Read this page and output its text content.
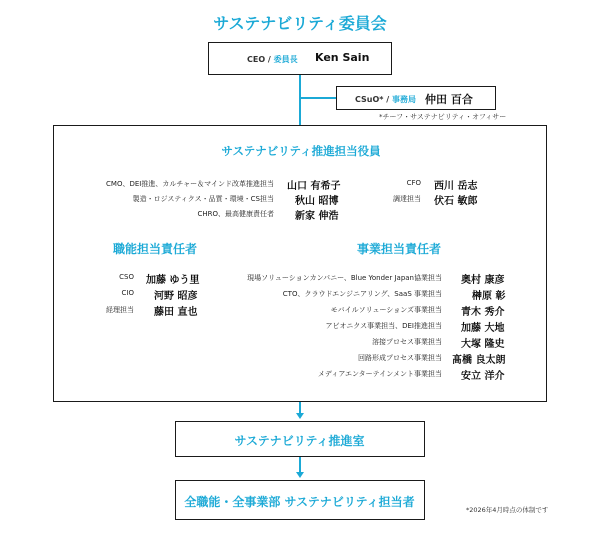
サステナビリティ委員会
CEO / 委員長 Ken Sain
CSuO* / 事務局 仲田 百合
*チーフ・サステナビリティ・オフィサー
サステナビリティ推進担当役員
CMO、DEI推進、カルチャー＆マインド改革推進担当 山口 有希子
製造・ロジスティクス・品質・環境・CS担当 秋山 昭博
CHRO、最高健康責任者 新家 伸浩
CFO 西川 岳志
調達担当 伏石 敏郎
職能担当責任者
CSO 加藤 ゆう里
CIO 河野 昭彦
経理担当 藤田 直也
事業担当責任者
現場ソリューションカンパニー、Blue Yonder Japan協業担当 奥村 康彦
CTO、クラウドエンジニアリング、SaaS 事業担当	榊原 彰
モバイルソリューションズ事業担当 青木 秀介
アビオニクス事業担当、DEI推進担当 加藤 大地
溶接プロセス事業担当 大塚 隆史
回路形成プロセス事業担当 髙橋 良太朗
メディアエンターテインメント事業担当 安立 洋介
サステナビリティ推進室
全職能・全事業部 サステナビリティ担当者
*2026年4月時点の体制です
